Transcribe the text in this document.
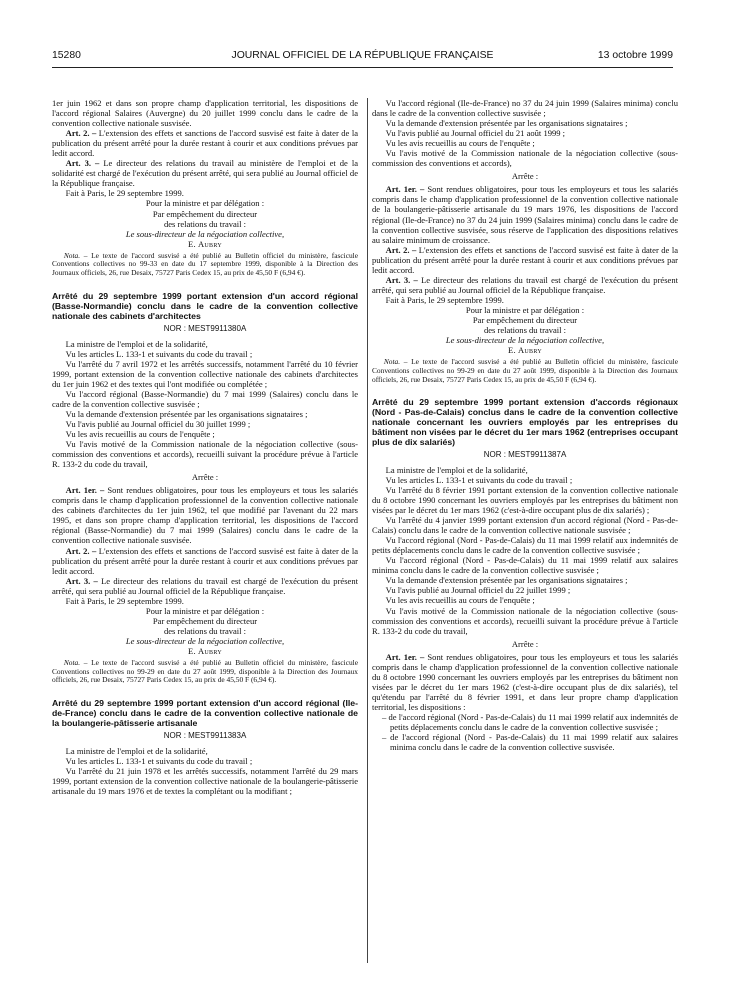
15280	JOURNAL OFFICIEL DE LA RÉPUBLIQUE FRANÇAISE	13 octobre 1999

1er juin 1962 et dans son propre champ d'application territorial, les dispositions de l'accord régional Salaires (Auvergne) du 20 juillet 1999 conclu dans le cadre de la convention collective nationale susvisée.

Art. 2. – L'extension des effets et sanctions de l'accord susvisé est faite à dater de la publication du présent arrêté pour la durée restant à courir et aux conditions prévues par ledit accord.

Art. 3. – Le directeur des relations du travail au ministère de l'emploi et de la solidarité est chargé de l'exécution du présent arrêté, qui sera publié au Journal officiel de la République française.

Fait à Paris, le 29 septembre 1999.

Pour la ministre et par délégation :
Par empêchement du directeur
des relations du travail :
Le sous-directeur de la négociation collective,
E. Aubry

Nota. – Le texte de l'accord susvisé a été publié au Bulletin officiel du ministère, fascicule Conventions collectives no 99-33 en date du 17 septembre 1999, disponible à la Direction des Journaux officiels, 26, rue Desaix, 75727 Paris Cedex 15, au prix de 45,50 F (6,94 €).

Arrêté du 29 septembre 1999 portant extension d'un accord régional (Basse-Normandie) conclu dans le cadre de la convention collective nationale des cabinets d'architectes
NOR : MEST9911380A

La ministre de l'emploi et de la solidarité,

Vu les articles L. 133-1 et suivants du code du travail ;

Vu l'arrêté du 7 avril 1972 et les arrêtés successifs, notamment l'arrêté du 10 février 1999, portant extension de la convention collective nationale des cabinets d'architectes du 1er juin 1962 et des textes qui l'ont modifiée ou complétée ;

Vu l'accord régional (Basse-Normandie) du 7 mai 1999 (Salaires) conclu dans le cadre de la convention collective susvisée ;

Vu la demande d'extension présentée par les organisations signataires ;

Vu l'avis publié au Journal officiel du 30 juillet 1999 ;

Vu les avis recueillis au cours de l'enquête ;

Vu l'avis motivé de la Commission nationale de la négociation collective (sous-commission des conventions et accords), recueilli suivant la procédure prévue à l'article R. 133-2 du code du travail,

Arrête :

Art. 1er. – Sont rendues obligatoires, pour tous les employeurs et tous les salariés compris dans le champ d'application professionnel de la convention collective nationale des cabinets d'architectes du 1er juin 1962, tel que modifié par l'avenant du 22 mars 1995, et dans son propre champ d'application territorial, les dispositions de l'accord régional (Basse-Normandie) du 7 mai 1999 (Salaires) conclu dans le cadre de la convention collective nationale susvisée.

Art. 2. – L'extension des effets et sanctions de l'accord susvisé est faite à dater de la publication du présent arrêté pour la durée restant à courir et aux conditions prévues par ledit accord.

Art. 3. – Le directeur des relations du travail est chargé de l'exécution du présent arrêté, qui sera publié au Journal officiel de la République française.

Fait à Paris, le 29 septembre 1999.

Pour la ministre et par délégation :
Par empêchement du directeur
des relations du travail :
Le sous-directeur de la négociation collective,
E. Aubry

Nota. – Le texte de l'accord susvisé a été publié au Bulletin officiel du ministère, fascicule Conventions collectives no 99-29 en date du 27 août 1999, disponible à la Direction des Journaux officiels, 26, rue Desaix, 75727 Paris Cedex 15, au prix de 45,50 F (6,94 €).

Arrêté du 29 septembre 1999 portant extension d'un accord régional (Ile-de-France) conclu dans le cadre de la convention collective nationale de la boulangerie-pâtisserie artisanale
NOR : MEST9911383A

La ministre de l'emploi et de la solidarité,

Vu les articles L. 133-1 et suivants du code du travail ;

Vu l'arrêté du 21 juin 1978 et les arrêtés successifs, notamment l'arrêté du 29 mars 1999, portant extension de la convention collective nationale de la boulangerie-pâtisserie artisanale du 19 mars 1976 et de textes la complétant ou la modifiant ;

Vu l'accord régional (Ile-de-France) no 37 du 24 juin 1999 (Salaires minima) conclu dans le cadre de la convention collective susvisée ;

Vu la demande d'extension présentée par les organisations signataires ;

Vu l'avis publié au Journal officiel du 21 août 1999 ;

Vu les avis recueillis au cours de l'enquête ;

Vu l'avis motivé de la Commission nationale de la négociation collective (sous-commission des conventions et accords),

Arrête :

Art. 1er. – Sont rendues obligatoires, pour tous les employeurs et tous les salariés compris dans le champ d'application professionnel de la convention collective nationale de la boulangerie-pâtisserie artisanale du 19 mars 1976, les dispositions de l'accord régional (Ile-de-France) no 37 du 24 juin 1999 (Salaires minima) conclu dans le cadre de la convention collective susvisée, sous réserve de l'application des dispositions relatives au salaire minimum de croissance.

Art. 2. – L'extension des effets et sanctions de l'accord susvisé est faite à dater de la publication du présent arrêté pour la durée restant à courir et aux conditions prévues par ledit accord.

Art. 3. – Le directeur des relations du travail est chargé de l'exécution du présent arrêté, qui sera publié au Journal officiel de la République française.

Fait à Paris, le 29 septembre 1999.

Pour la ministre et par délégation :
Par empêchement du directeur
des relations du travail :
Le sous-directeur de la négociation collective,
E. Aubry

Nota. – Le texte de l'accord susvisé a été publié au Bulletin officiel du ministère, fascicule Conventions collectives no 99-29 en date du 27 août 1999, disponible à la Direction des Journaux officiels, 26, rue Desaix, 75727 Paris Cedex 15, au prix de 45,50 F (6,94 €).

Arrêté du 29 septembre 1999 portant extension d'accords régionaux (Nord - Pas-de-Calais) conclus dans le cadre de la convention collective nationale concernant les ouvriers employés par les entreprises du bâtiment non visées par le décret du 1er mars 1962 (entreprises occupant plus de dix salariés)
NOR : MEST9911387A

La ministre de l'emploi et de la solidarité,

Vu les articles L. 133-1 et suivants du code du travail ;

Vu l'arrêté du 8 février 1991 portant extension de la convention collective nationale du 8 octobre 1990 concernant les ouvriers employés par les entreprises du bâtiment non visées par le décret du 1er mars 1962 (c'est-à-dire occupant plus de dix salariés) ;

Vu l'arrêté du 4 janvier 1999 portant extension d'un accord régional (Nord - Pas-de-Calais) conclu dans le cadre de la convention collective nationale susvisée ;

Vu l'accord régional (Nord - Pas-de-Calais) du 11 mai 1999 relatif aux indemnités de petits déplacements conclu dans le cadre de la convention collective susvisée ;

Vu l'accord régional (Nord - Pas-de-Calais) du 11 mai 1999 relatif aux salaires minima conclu dans le cadre de la convention collective susvisée ;

Vu la demande d'extension présentée par les organisations signataires ;

Vu l'avis publié au Journal officiel du 22 juillet 1999 ;

Vu les avis recueillis au cours de l'enquête ;

Vu l'avis motivé de la Commission nationale de la négociation collective (sous-commission des conventions et accords), recueilli suivant la procédure prévue à l'article R. 133-2 du code du travail,

Arrête :

Art. 1er. – Sont rendues obligatoires, pour tous les employeurs et tous les salariés compris dans le champ d'application professionnel de la convention collective nationale du 8 octobre 1990 concernant les ouvriers employés par les entreprises du bâtiment non visées par le décret du 1er mars 1962 (c'est-à-dire occupant plus de dix salariés), tel qu'étendu par l'arrêté du 8 février 1991, et dans leur propre champ d'application territorial, les dispositions :

– de l'accord régional (Nord - Pas-de-Calais) du 11 mai 1999 relatif aux indemnités de petits déplacements conclu dans le cadre de la convention collective susvisée ;
– de l'accord régional (Nord - Pas-de-Calais) du 11 mai 1999 relatif aux salaires minima conclu dans le cadre de la convention collective susvisée.
